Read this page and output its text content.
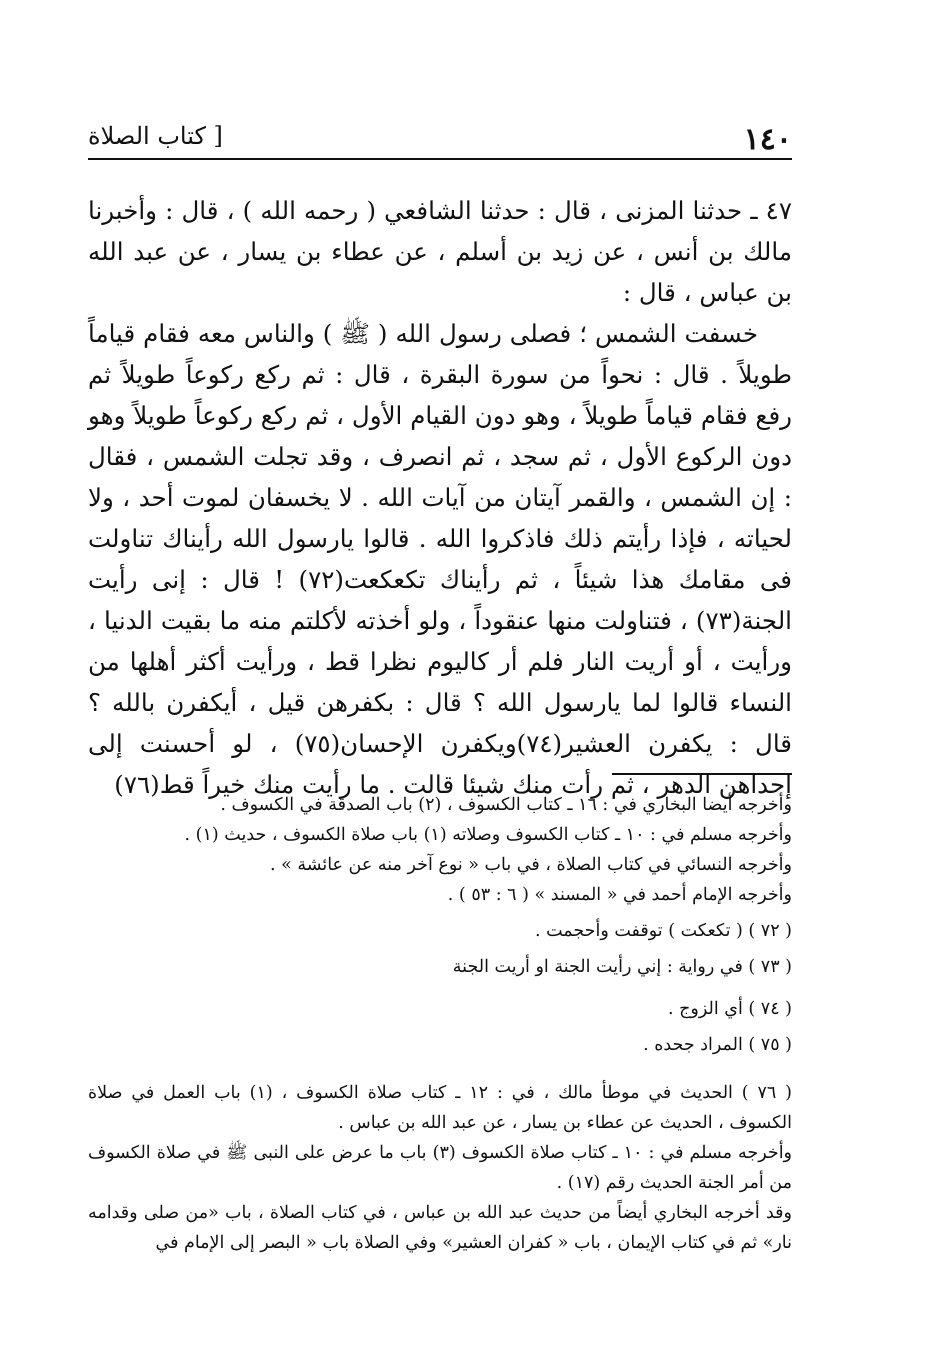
١٤٠
[ كتاب الصلاة

٤٧ ـ حدثنا المزنى ، قال : حدثنا الشافعي ( رحمه الله ) ، قال : وأخبرنا مالك بن أنس ، عن زيد بن أسلم ، عن عطاء بن يسار ، عن عبد الله بن عباس ، قال :

خسفت الشمس ؛ فصلى رسول الله ( ﷺ ) والناس معه فقام قياماً طويلاً . قال : نحواً من سورة البقرة ، قال : ثم ركع ركوعاً طويلاً ثم رفع فقام قياماً طويلاً ، وهو دون القيام الأول ، ثم ركع ركوعاً طويلاً وهو دون الركوع الأول ، ثم سجد ، ثم انصرف ، وقد تجلت الشمس ، فقال : إن الشمس ، والقمر آيتان من آيات الله . لا يخسفان لموت أحد ، ولا لحياته ، فإذا رأيتم ذلك فاذكروا الله . قالوا يارسول الله رأيناك تناولت فى مقامك هذا شيئاً ، ثم رأيناك تكعكعت(٧٢) ! قال : إنى رأيت الجنة(٧٣) ، فتناولت منها عنقوداً ، ولو أخذته لأكلتم منه ما بقيت الدنيا ، ورأيت ، أو أريت النار فلم أر كاليوم نظرا قط ، ورأيت أكثر أهلها من النساء قالوا لما يارسول الله ؟ قال : بكفرهن قيل ، أيكفرن بالله ؟ قال : يكفرن العشير(٧٤)ويكفرن الإحسان(٧٥) ، لو أحسنت إلى إحداهن الدهر ، ثم رأت منك شيئا قالت . ما رأيت منك خيراً قط(٧٦)

وأخرجه أيضا البخاري في : ١٦ ـ كتاب الكسوف ، (٢) باب الصدقة في الكسوف .

وأخرجه مسلم في : ١٠ ـ كتاب الكسوف وصلاته (١) باب صلاة الكسوف ، حديث (١) .

وأخرجه النسائي في كتاب الصلاة ، في باب « نوع آخر منه عن عائشة » .

وأخرجه الإمام أحمد في « المسند » ( ٦ : ٥٣ ) .

( ٧٢ ) ( تكعكت ) توقفت وأحجمت .

( ٧٣ ) في رواية : إني رأيت الجنة او أريت الجنة

( ٧٤ ) أي الزوج .

( ٧٥ ) المراد جحده .

( ٧٦ ) الحديث في موطأ مالك ، في : ١٢ ـ كتاب صلاة الكسوف ، (١) باب العمل في صلاة الكسوف ، الحديث عن عطاء بن يسار ، عن عبد الله بن عباس .

وأخرجه مسلم في : ١٠ ـ كتاب صلاة الكسوف (٣) باب ما عرض على النبى ﷺ في صلاة الكسوف من أمر الجنة الحديث رقم (١٧) .

وقد أخرجه البخاري أيضاً من حديث عبد الله بن عباس ، في كتاب الصلاة ، باب «من صلى وقدامه نار» ثم في كتاب الإيمان ، باب « كفران العشير» وفي الصلاة باب « البصر إلى الإمام في
